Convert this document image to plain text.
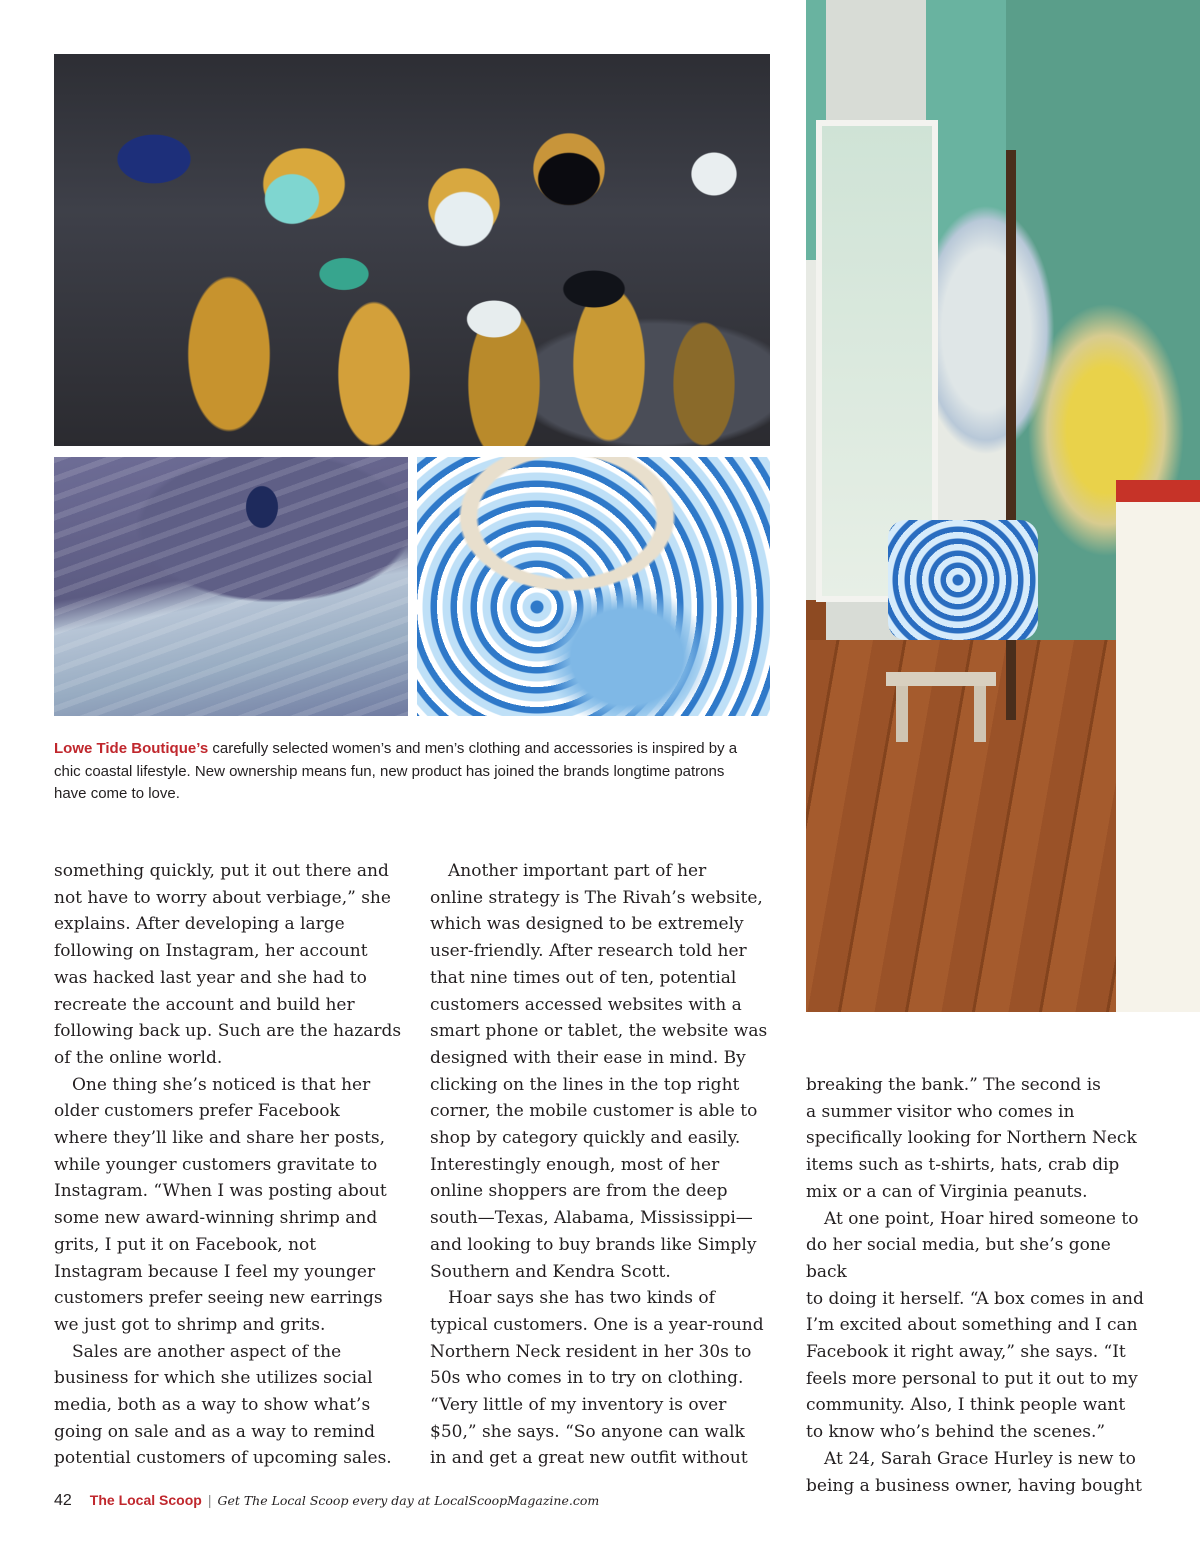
Lowe Tide Boutique’s carefully selected women’s and men’s clothing and accessories is inspired by a chic coastal lifestyle. New ownership means fun, new product has joined the brands longtime patrons have come to love.

something quickly, put it out there and
not have to worry about verbiage,” she
explains. After developing a large
following on Instagram, her account
was hacked last year and she had to
recreate the account and build her
following back up. Such are the hazards
of the online world.

One thing she’s noticed is that her
older customers prefer Facebook
where they’ll like and share her posts,
while younger customers gravitate to
Instagram. “When I was posting about
some new award-winning shrimp and
grits, I put it on Facebook, not
Instagram because I feel my younger
customers prefer seeing new earrings
we just got to shrimp and grits.

Sales are another aspect of the
business for which she utilizes social
media, both as a way to show what’s
going on sale and as a way to remind
potential customers of upcoming sales.

Another important part of her
online strategy is The Rivah’s website,
which was designed to be extremely
user-friendly. After research told her
that nine times out of ten, potential
customers accessed websites with a
smart phone or tablet, the website was
designed with their ease in mind. By
clicking on the lines in the top right
corner, the mobile customer is able to
shop by category quickly and easily.
Interestingly enough, most of her
online shoppers are from the deep
south—Texas, Alabama, Mississippi—
and looking to buy brands like Simply
Southern and Kendra Scott.

Hoar says she has two kinds of
typical customers. One is a year-round
Northern Neck resident in her 30s to
50s who comes in to try on clothing.
“Very little of my inventory is over
$50,” she says. “So anyone can walk
in and get a great new outfit without

breaking the bank.” The second is
a summer visitor who comes in
specifically looking for Northern Neck
items such as t-shirts, hats, crab dip
mix or a can of Virginia peanuts.

At one point, Hoar hired someone to
do her social media, but she’s gone back
to doing it herself. “A box comes in and
I’m excited about something and I can
Facebook it right away,” she says. “It
feels more personal to put it out to my
community. Also, I think people want
to know who’s behind the scenes.”

At 24, Sarah Grace Hurley is new to
being a business owner, having bought

42 The Local Scoop | Get The Local Scoop every day at LocalScoopMagazine.com
